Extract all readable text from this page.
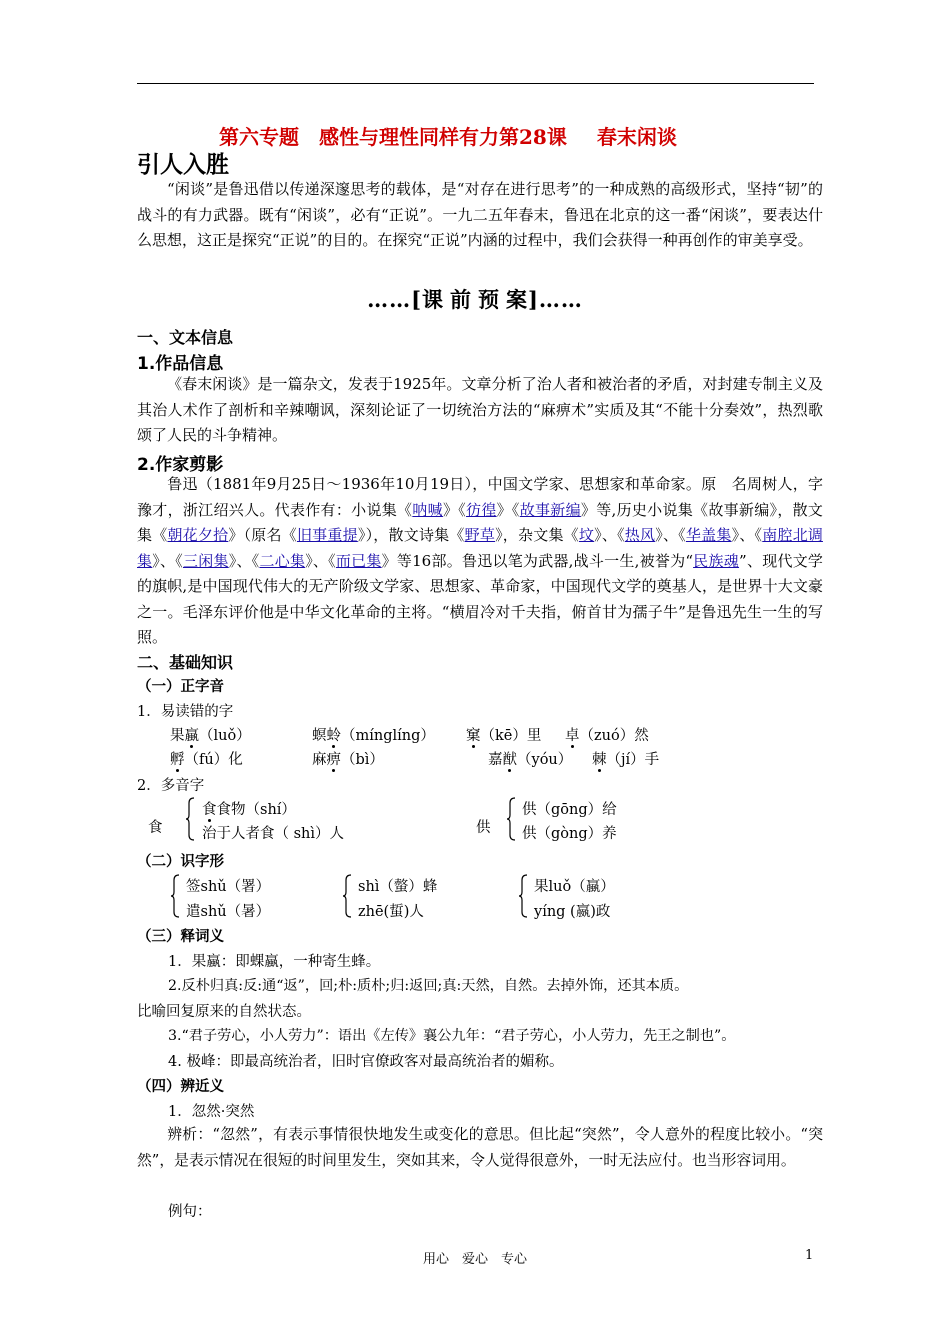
第六专题　感性与理性同样有力第28课 春末闲谈
引人入胜
“闲谈”是鲁迅借以传递深邃思考的载体，是“对存在进行思考”的一种成熟的高级形式，坚持“韧”的战斗的有力武器。既有“闲谈”，必有“正说”。一九二五年春末，鲁迅在北京的这一番“闲谈”，要表达什么思想，这正是探究“正说”的目的。在探究“正说”内涵的过程中，我们会获得一种再创作的审美享受。
……[课 前 预 案]……
一、文本信息
1.作品信息
《春末闲谈》是一篇杂文，发表于1925年。文章分析了治人者和被治者的矛盾，对封建专制主义及其治人术作了剖析和辛辣嘲讽，深刻论证了一切统治方法的“麻痹术”实质及其“不能十分奏效”，热烈歌颂了人民的斗争精神。
2.作家剪影
鲁迅（1881年9月25日～1936年10月19日），中国文学家、思想家和革命家。原　名周树人，字豫才，浙江绍兴人。代表作有：小说集《呐喊》《彷徨》《故事新编》等,历史小说集《故事新编》，散文集《朝花夕拾》（原名《旧事重提》），散文诗集《野草》，杂文集《坟》、《热风》、《华盖集》、《南腔北调集》、《三闲集》、《二心集》、《而已集》等16部。鲁迅以笔为武器,战斗一生,被誉为“民族魂”、现代文学的旗帜,是中国现代伟大的无产阶级文学家、思想家、革命家，中国现代文学的奠基人，是世界十大文豪之一。毛泽东评价他是中华文化革命的主将。“横眉冷对千夫指，俯首甘为孺子牛”是鲁迅先生一生的写照。
二、基础知识
（一）正字音
1．易读错的字
果蠃（luǒ）	螟蛉（mínglíng） 窠（kē）里 卓（zuó）然
孵（fú）化	麻痹（bì）	嘉猷（yóu） 棘（jí）手
2．多音字
食
食食物（shí）
治于人者食（ shì）人	供
供（gōng）给
供（gòng）养
（二）识字形
签shǔ（署）
遣shǔ（暑）
shì（螫）蜂
zhē(蜇)人
果luǒ（蠃）
yíng (嬴)政
（三）释词义
1．果蠃：即蜾蠃，一种寄生蜂。
2.反朴归真:反:通“返”，回;朴:质朴;归:返回;真:天然，自然。去掉外饰，还其本质。
比喻回复原来的自然状态。
3.“君子劳心，小人劳力”：语出《左传》襄公九年：“君子劳心，小人劳力，先王之制也”。
4. 极峰：即最高统治者，旧时官僚政客对最高统治者的媚称。
（四）辨近义
1．忽然·突然
辨析：“忽然”，有表示事情很快地发生或变化的意思。但比起“突然”，令人意外的程度比较小。“突然”，是表示情况在很短的时间里发生，突如其来，令人觉得很意外，一时无法应付。也当形容词用。
例句：
用心　爱心　专心	1
